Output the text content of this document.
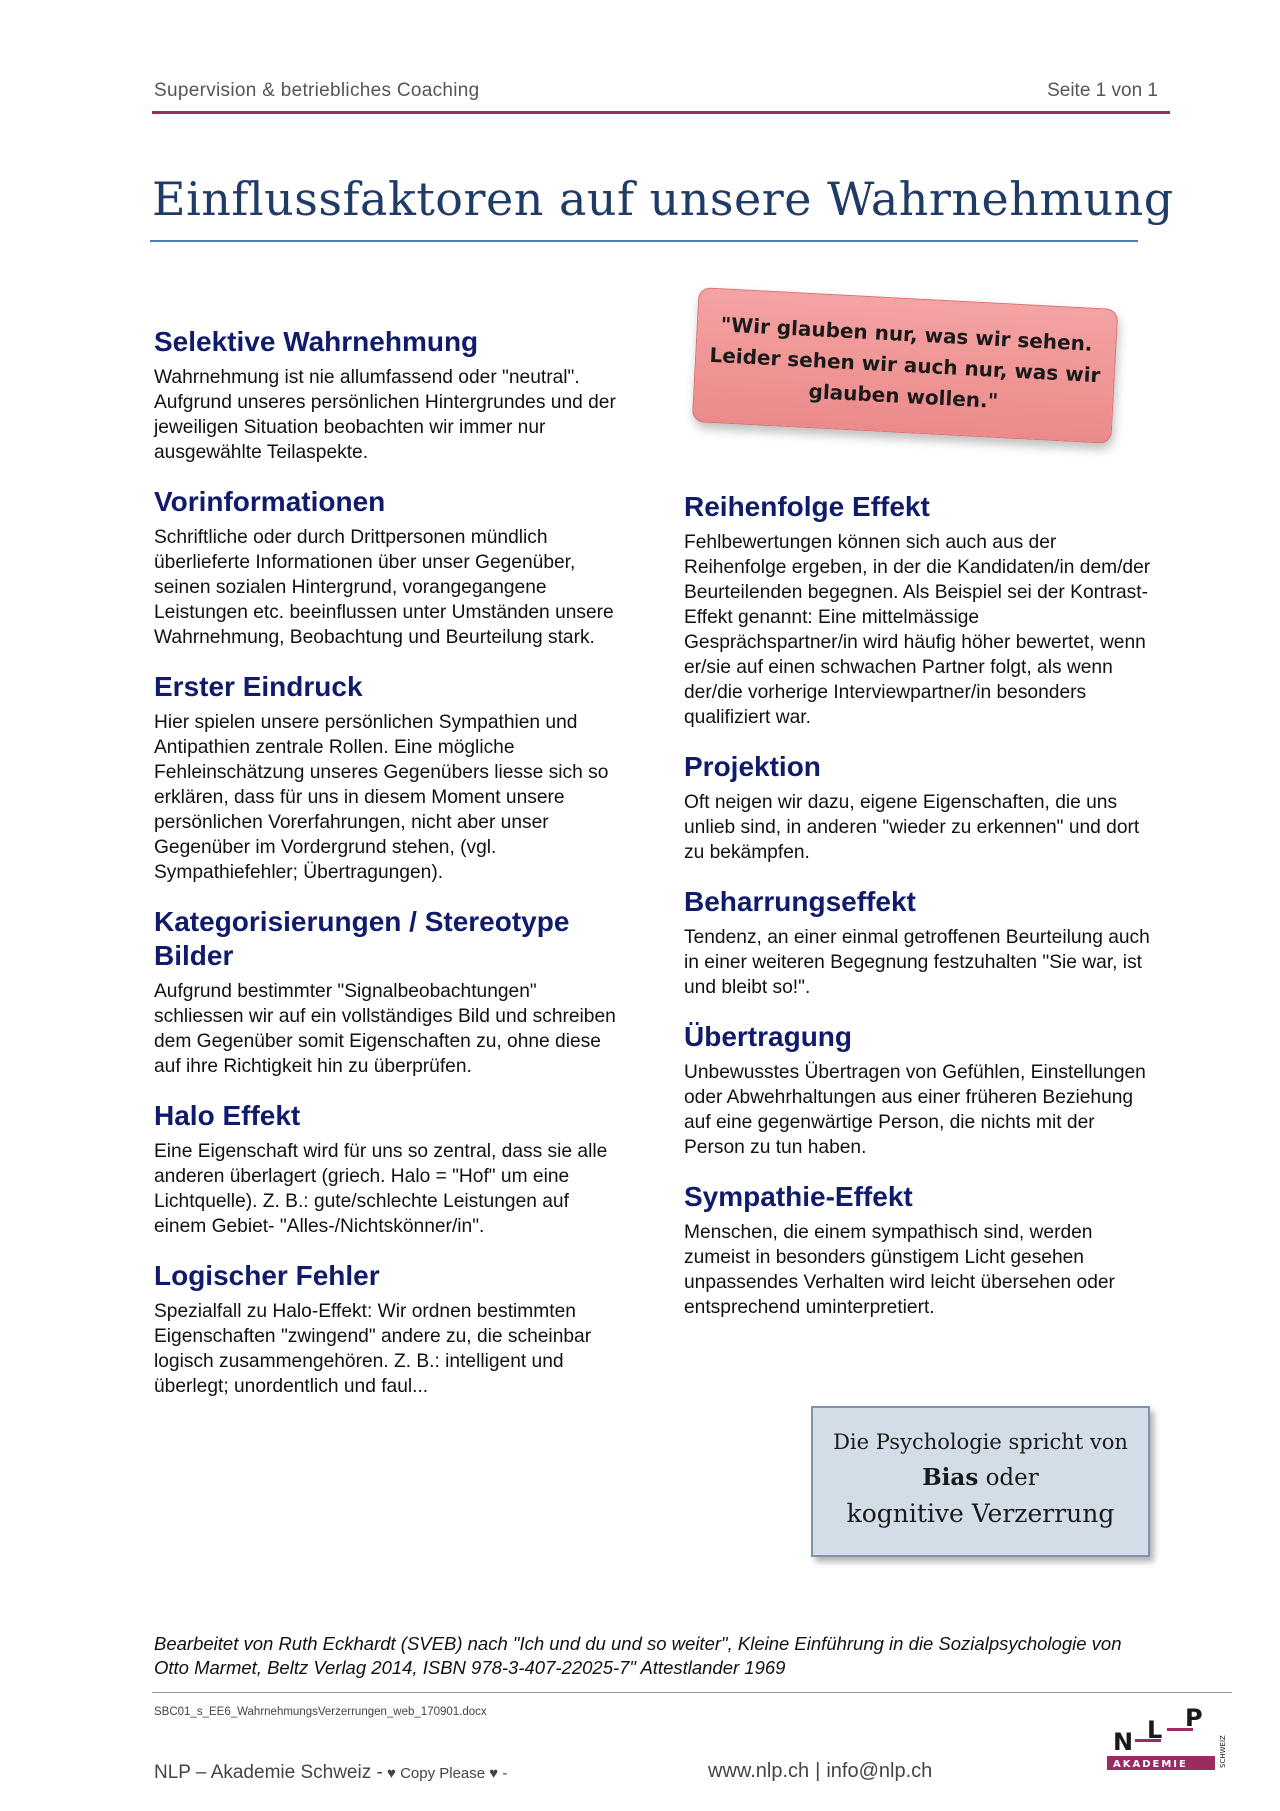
Supervision & betriebliches Coaching	Seite 1 von 1
Einflussfaktoren auf unsere Wahrnehmung
"Wir glauben nur, was wir sehen.
Leider sehen wir auch nur, was wir
glauben wollen."
Selektive Wahrnehmung

Wahrnehmung ist nie allumfassend oder "neutral". Aufgrund unseres persönlichen Hintergrundes und der jeweiligen Situation beobachten wir immer nur ausgewählte Teilaspekte.

Vorinformationen

Schriftliche oder durch Drittpersonen mündlich überlieferte Informationen über unser Gegenüber, seinen sozialen Hintergrund, vorangegangene Leistungen etc. beeinflussen unter Umständen unsere Wahrnehmung, Beobachtung und Beurteilung stark.

Erster Eindruck

Hier spielen unsere persönlichen Sympathien und Antipathien zentrale Rollen. Eine mögliche Fehleinschätzung unseres Gegenübers liesse sich so erklären, dass für uns in diesem Moment unsere persönlichen Vorerfahrungen, nicht aber unser Gegenüber im Vordergrund stehen, (vgl. Sympathiefehler; Übertragungen).

Kategorisierungen / Stereotype Bilder

Aufgrund bestimmter "Signalbeobachtungen" schliessen wir auf ein vollständiges Bild und schreiben dem Gegenüber somit Eigenschaften zu, ohne diese auf ihre Richtigkeit hin zu überprüfen.

Halo Effekt

Eine Eigenschaft wird für uns so zentral, dass sie alle anderen überlagert (griech. Halo = "Hof" um eine Lichtquelle). Z. B.: gute/schlechte Leistungen auf einem Gebiet- "Alles-/Nichtskönner/in".

Logischer Fehler

Spezialfall zu Halo-Effekt: Wir ordnen bestimmten Eigenschaften "zwingend" andere zu, die scheinbar logisch zusammengehören. Z. B.: intelligent und überlegt; unordentlich und faul...

Reihenfolge Effekt

Fehlbewertungen können sich auch aus der Reihenfolge ergeben, in der die Kandidaten/in dem/der Beurteilenden begegnen. Als Beispiel sei der Kontrast-Effekt genannt: Eine mittelmässige Gesprächspartner/in wird häufig höher bewertet, wenn er/sie auf einen schwachen Partner folgt, als wenn der/die vorherige Interviewpartner/in besonders qualifiziert war.

Projektion

Oft neigen wir dazu, eigene Eigenschaften, die uns unlieb sind, in anderen "wieder zu erkennen" und dort zu bekämpfen.

Beharrungseffekt

Tendenz, an einer einmal getroffenen Beurteilung auch in einer weiteren Begegnung festzuhalten "Sie war, ist und bleibt so!".

Übertragung

Unbewusstes Übertragen von Gefühlen, Einstellungen oder Abwehrhaltungen aus einer früheren Beziehung auf eine gegenwärtige Person, die nichts mit der Person zu tun haben.

Sympathie-Effekt

Menschen, die einem sympathisch sind, werden zumeist in besonders günstigem Licht gesehen unpassendes Verhalten wird leicht übersehen oder entsprechend uminterpretiert.

Die Psychologie spricht von
Bias oder
kognitive Verzerrung
Bearbeitet von Ruth Eckhardt (SVEB) nach "Ich und du und so weiter", Kleine Einführung in die Sozialpsychologie von Otto Marmet, Beltz Verlag 2014, ISBN 978-3-407-22025-7" Attestlander 1969
SBC01_s_EE6_WahrnehmungsVerzerrungen_web_170901.docx
NLP – Akademie Schweiz - ♥ Copy Please ♥ -	www.nlp.ch | info@nlp.ch
N L P
AKADEMIE	SCHWEIZ
